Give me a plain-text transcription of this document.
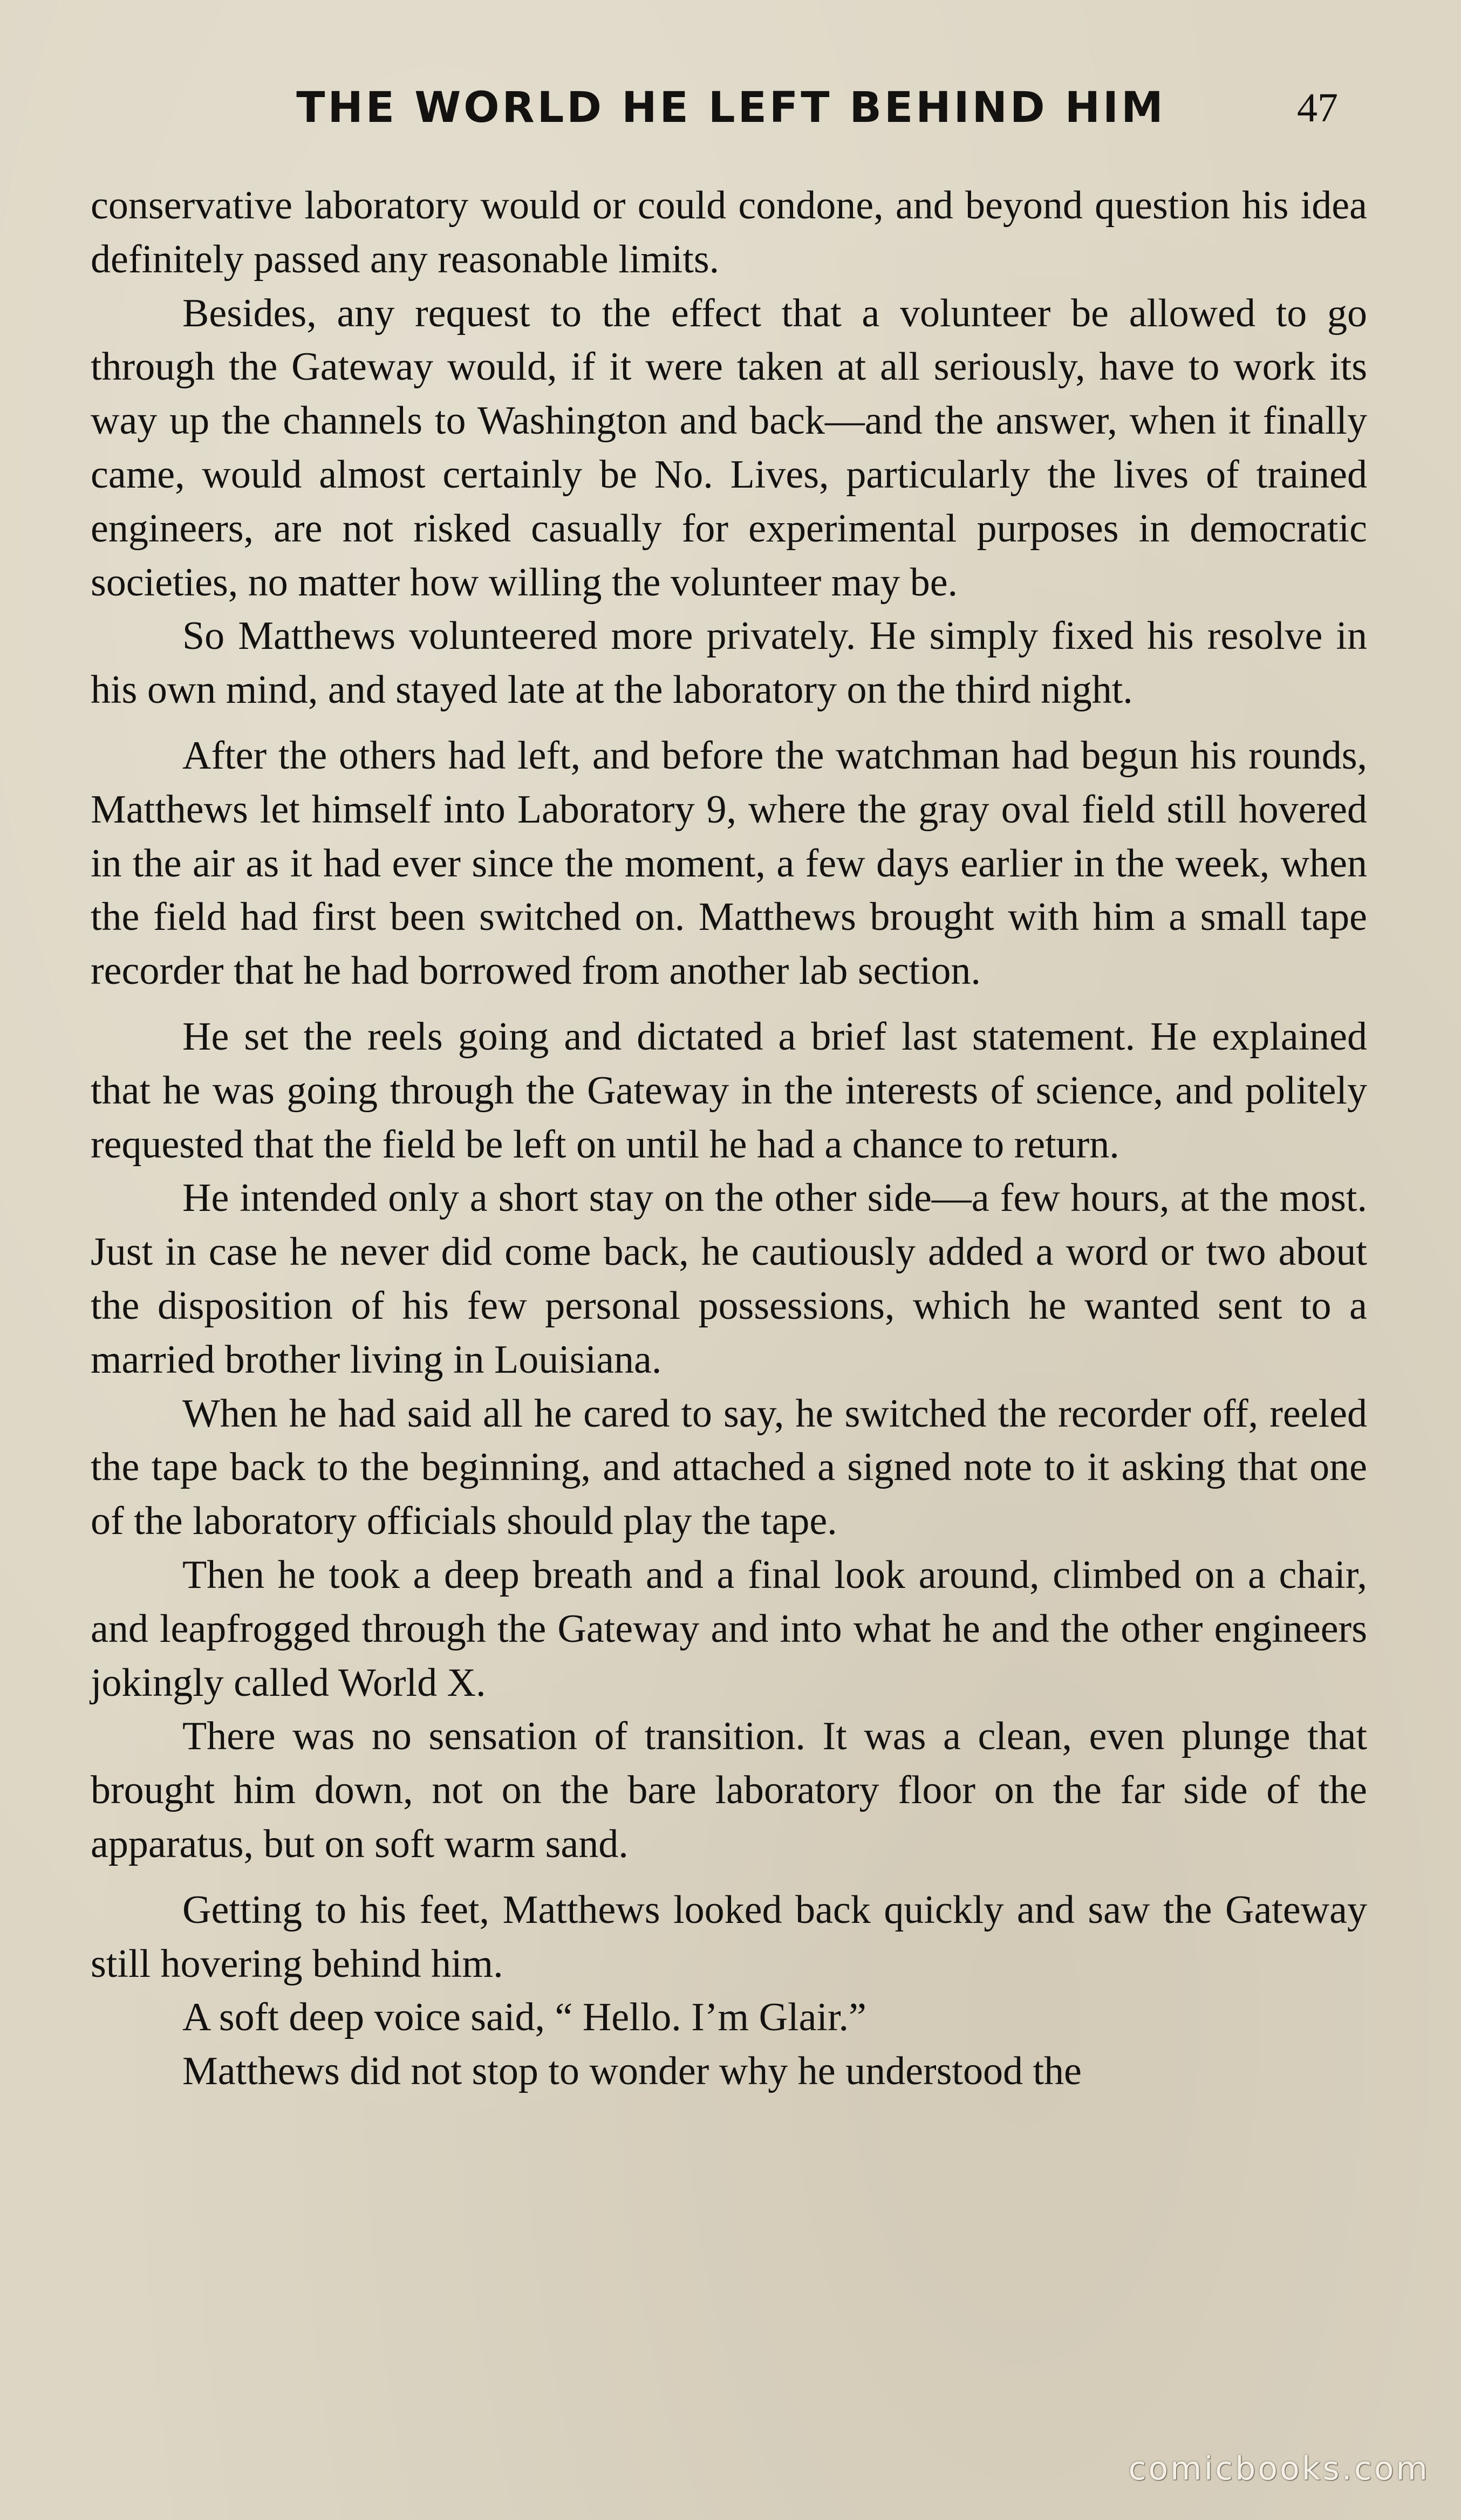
THE WORLD HE LEFT BEHIND HIM	47

conservative laboratory would or could condone, and beyond question his idea definitely passed any reasonable limits.

Besides, any request to the effect that a volunteer be allowed to go through the Gateway would, if it were taken at all seriously, have to work its way up the channels to Washington and back—and the answer, when it finally came, would almost certainly be No. Lives, particularly the lives of trained engineers, are not risked casually for experimental purposes in democratic societies, no matter how willing the volunteer may be.

So Matthews volunteered more privately. He simply fixed his resolve in his own mind, and stayed late at the laboratory on the third night.

After the others had left, and before the watchman had begun his rounds, Matthews let himself into Laboratory 9, where the gray oval field still hovered in the air as it had ever since the moment, a few days earlier in the week, when the field had first been switched on. Matthews brought with him a small tape recorder that he had borrowed from another lab section.

He set the reels going and dictated a brief last statement. He explained that he was going through the Gateway in the interests of science, and politely requested that the field be left on until he had a chance to return.

He intended only a short stay on the other side—a few hours, at the most. Just in case he never did come back, he cautiously added a word or two about the disposition of his few personal possessions, which he wanted sent to a married brother living in Louisiana.

When he had said all he cared to say, he switched the recorder off, reeled the tape back to the beginning, and attached a signed note to it asking that one of the laboratory officials should play the tape.

Then he took a deep breath and a final look around, climbed on a chair, and leapfrogged through the Gateway and into what he and the other engineers jokingly called World X.

There was no sensation of transition. It was a clean, even plunge that brought him down, not on the bare laboratory floor on the far side of the apparatus, but on soft warm sand.

Getting to his feet, Matthews looked back quickly and saw the Gateway still hovering behind him.

A soft deep voice said, “ Hello. I’m Glair.”

Matthews did not stop to wonder why he understood the

comicbooks.com
